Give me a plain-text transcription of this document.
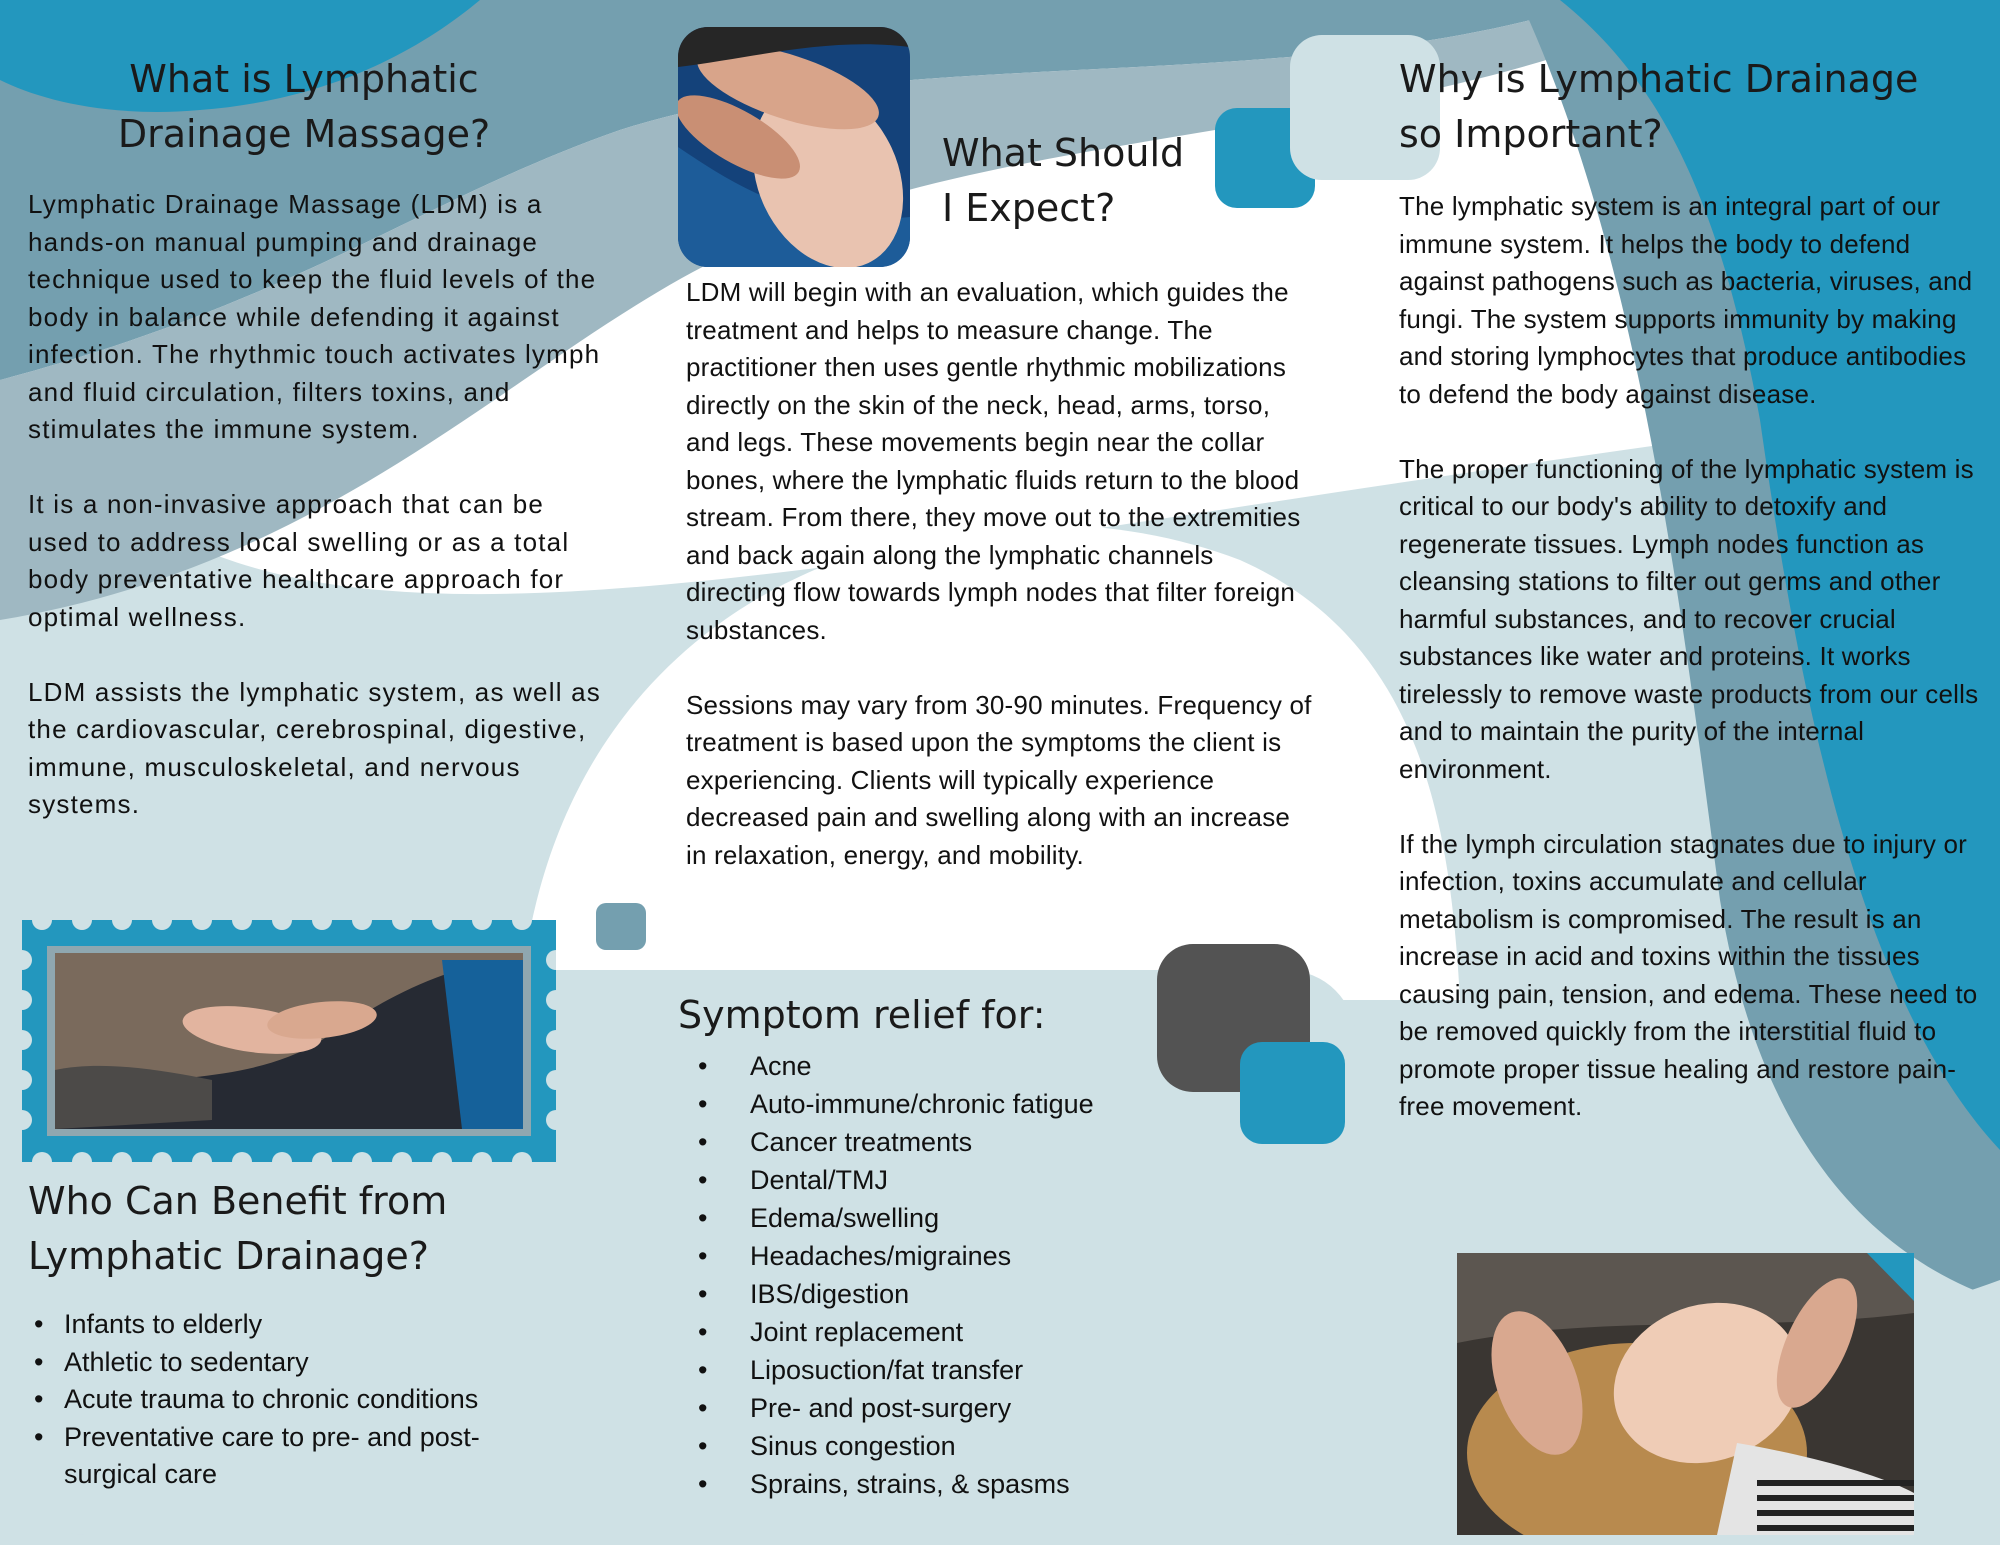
What is Lymphatic
Drainage Massage?

Lymphatic Drainage Massage (LDM) is a hands-on manual pumping and drainage technique used to keep the fluid levels of the body in balance while defending it against infection. The rhythmic touch activates lymph and fluid circulation, filters toxins, and stimulates the immune system.

It is a non-invasive approach that can be used to address local swelling or as a total body preventative healthcare approach for optimal wellness.

LDM assists the lymphatic system, as well as the cardiovascular, cerebrospinal, digestive, immune, musculoskeletal, and nervous systems.

Who Can Benefit from
Lymphatic Drainage?
• Infants to elderly
• Athletic to sedentary
• Acute trauma to chronic conditions
• Preventative care to pre- and post-surgical care
What Should
I Expect?

LDM will begin with an evaluation, which guides the treatment and helps to measure change. The practitioner then uses gentle rhythmic mobilizations directly on the skin of the neck, head, arms, torso, and legs. These movements begin near the collar bones, where the lymphatic fluids return to the blood stream. From there, they move out to the extremities and back again along the lymphatic channels directing flow towards lymph nodes that filter foreign substances.

Sessions may vary from 30-90 minutes. Frequency of treatment is based upon the symptoms the client is experiencing. Clients will typically experience decreased pain and swelling along with an increase in relaxation, energy, and mobility.

Symptom relief for:
• Acne
• Auto-immune/chronic fatigue
• Cancer treatments
• Dental/TMJ
• Edema/swelling
• Headaches/migraines
• IBS/digestion
• Joint replacement
• Liposuction/fat transfer
• Pre- and post-surgery
• Sinus congestion
• Sprains, strains, & spasms
Why is Lymphatic Drainage
so Important?

The lymphatic system is an integral part of our immune system. It helps the body to defend against pathogens such as bacteria, viruses, and fungi. The system supports immunity by making and storing lymphocytes that produce antibodies to defend the body against disease.

The proper functioning of the lymphatic system is critical to our body's ability to detoxify and regenerate tissues. Lymph nodes function as cleansing stations to filter out germs and other harmful substances, and to recover crucial substances like water and proteins. It works tirelessly to remove waste products from our cells and to maintain the purity of the internal environment.

If the lymph circulation stagnates due to injury or infection, toxins accumulate and cellular metabolism is compromised. The result is an increase in acid and toxins within the tissues causing pain, tension, and edema. These need to be removed quickly from the interstitial fluid to promote proper tissue healing and restore pain-free movement.
